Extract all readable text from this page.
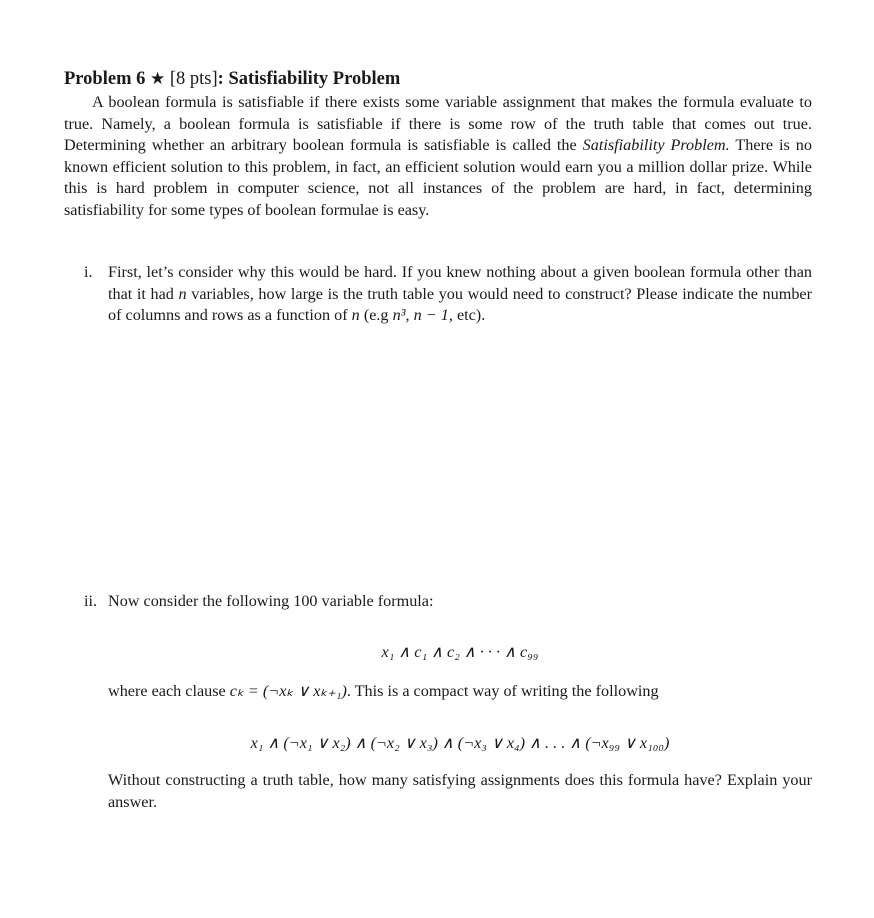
Problem 6 ★ [8 pts]: Satisfiability Problem

A boolean formula is satisfiable if there exists some variable assignment that makes the formula evaluate to true. Namely, a boolean formula is satisfiable if there is some row of the truth table that comes out true. Determining whether an arbitrary boolean formula is satisfiable is called the Satisfiability Problem. There is no known efficient solution to this problem, in fact, an efficient solution would earn you a million dollar prize. While this is hard problem in computer science, not all instances of the problem are hard, in fact, determining satisfiability for some types of boolean formulae is easy.

i. First, let’s consider why this would be hard. If you knew nothing about a given boolean formula other than that it had n variables, how large is the truth table you would need to construct? Please indicate the number of columns and rows as a function of n (e.g n³, n − 1, etc).
ii. Now consider the following 100 variable formula:
x₁ ∧ c₁ ∧ c₂ ∧ · · · ∧ c₉₉
where each clause cₖ = (¬xₖ ∨ xₖ₊₁). This is a compact way of writing the following
x₁ ∧ (¬x₁ ∨ x₂) ∧ (¬x₂ ∨ x₃) ∧ (¬x₃ ∨ x₄) ∧ . . . ∧ (¬x₉₉ ∨ x₁₀₀)
Without constructing a truth table, how many satisfying assignments does this formula have? Explain your answer.
